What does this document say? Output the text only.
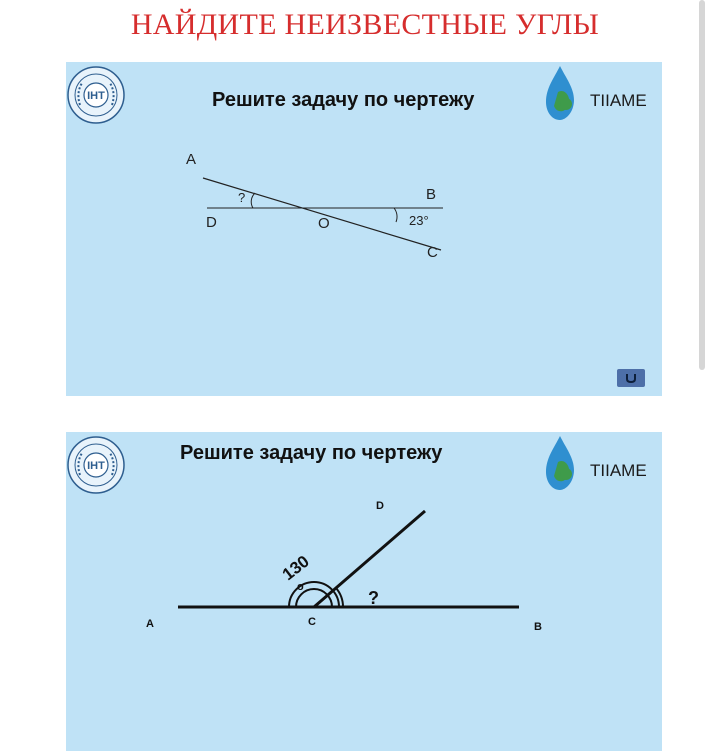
НАЙДИТЕ НЕИЗВЕСТНЫЕ УГЛЫ
IHT	Решите задачу по чертежу	TIIAME
A
B
C
D	O
?
23°
IHT
Решите задачу по чертежу
TIIAME
D
A	C	B
130
o
?
